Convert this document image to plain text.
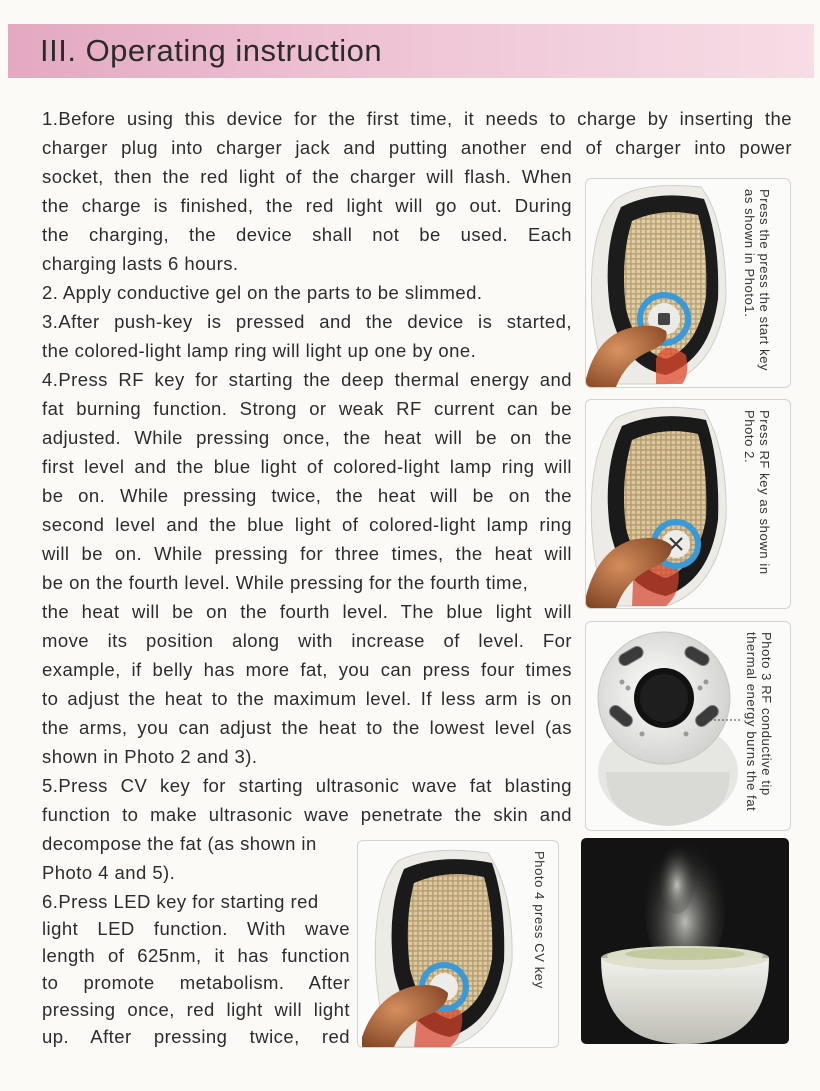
III. Operating instruction
1.Before using this device for the first time, it needs to charge by inserting the
charger plug into charger jack and putting another end of charger into power
socket, then the red light of the charger will flash. When
the charge is finished, the red light will go out. During
the charging, the device shall not be used. Each
charging lasts 6 hours.
2. Apply conductive gel on the parts to be slimmed.
3.After push-key is pressed and the device is started,
the colored-light lamp ring will light up one by one.
4.Press RF key for starting the deep thermal energy and
fat burning function. Strong or weak RF current can be
adjusted. While pressing once, the heat will be on the
first level and the blue light of colored-light lamp ring will
be on. While pressing twice, the heat will be on the
second level and the blue light of colored-light lamp ring
will be on. While pressing for three times, the heat will
be on the fourth level. While pressing for the fourth time,
the heat will be on the fourth level. The blue light will
move its position along with increase of level. For
example, if belly has more fat, you can press four times
to adjust the heat to the maximum level. If less arm is on
the arms, you can adjust the heat to the lowest level (as
shown in Photo 2 and 3).
5.Press CV key for starting ultrasonic wave fat blasting
function to make ultrasonic wave penetrate the skin and
decompose the fat (as shown in
Photo 4 and 5).
6.Press LED key for starting red
light LED function. With wave
length of 625nm, it has function
to promote metabolism. After
pressing once, red light will light
up. After pressing twice, red
Press the press the start key as shown in Photo1.
Press RF key as shown in Photo 2.
Photo 3 RF conductive tip thermal energy burns the fat
Photo 4 press CV key
